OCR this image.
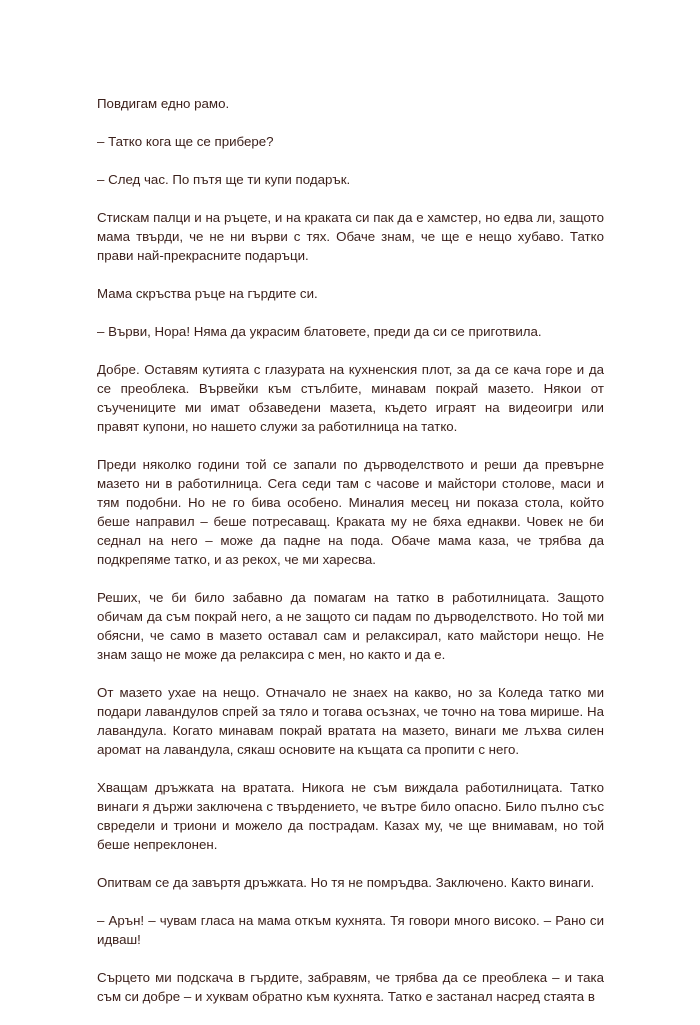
Повдигам едно рамо.

– Татко кога ще се прибере?

– След час. По пътя ще ти купи подарък.

Стискам палци и на ръцете, и на краката си пак да е хамстер, но едва ли, защото мама твърди, че не ни върви с тях. Обаче знам, че ще е нещо хубаво. Татко прави най-прекрасните подаръци.

Мама скръства ръце на гърдите си.

– Върви, Нора! Няма да украсим блатовете, преди да си се приготвила.

Добре. Оставям кутията с глазурата на кухненския плот, за да се кача горе и да се преоблека. Вървейки към стълбите, минавам покрай мазето. Някои от съучениците ми имат обзаведени мазета, където играят на видеоигри или правят купони, но нашето служи за работилница на татко.

Преди няколко години той се запали по дърводелството и реши да превърне мазето ни в работилница. Сега седи там с часове и майстори столове, маси и тям подобни. Но не го бива особено. Миналия месец ни показа стола, който беше направил – беше потресаващ. Краката му не бяха еднакви. Човек не би седнал на него – може да падне на пода. Обаче мама каза, че трябва да подкрепяме татко, и аз рекох, че ми харесва.

Реших, че би било забавно да помагам на татко в работилницата. Защото обичам да съм покрай него, а не защото си падам по дърводелството. Но той ми обясни, че само в мазето оставал сам и релаксирал, като майстори нещо. Не знам защо не може да релаксира с мен, но както и да е.

От мазето ухае на нещо. Отначало не знаех на какво, но за Коледа татко ми подари лавандулов спрей за тяло и тогава осъзнах, че точно на това мирише. На лавандула. Когато минавам покрай вратата на мазето, винаги ме лъхва силен аромат на лавандула, сякаш основите на къщата са пропити с него.

Хващам дръжката на вратата. Никога не съм виждала работилницата. Татко винаги я държи заключена с твърдението, че вътре било опасно. Било пълно със свредели и триони и можело да пострадам. Казах му, че ще внимавам, но той беше непреклонен.

Опитвам се да завъртя дръжката. Но тя не помръдва. Заключено. Както винаги.

– Арън! – чувам гласа на мама откъм кухнята. Тя говори много високо. – Рано си идваш!

Сърцето ми подскача в гърдите, забравям, че трябва да се преоблека – и така съм си добре – и хуквам обратно към кухнята. Татко е застанал насред стаята в
